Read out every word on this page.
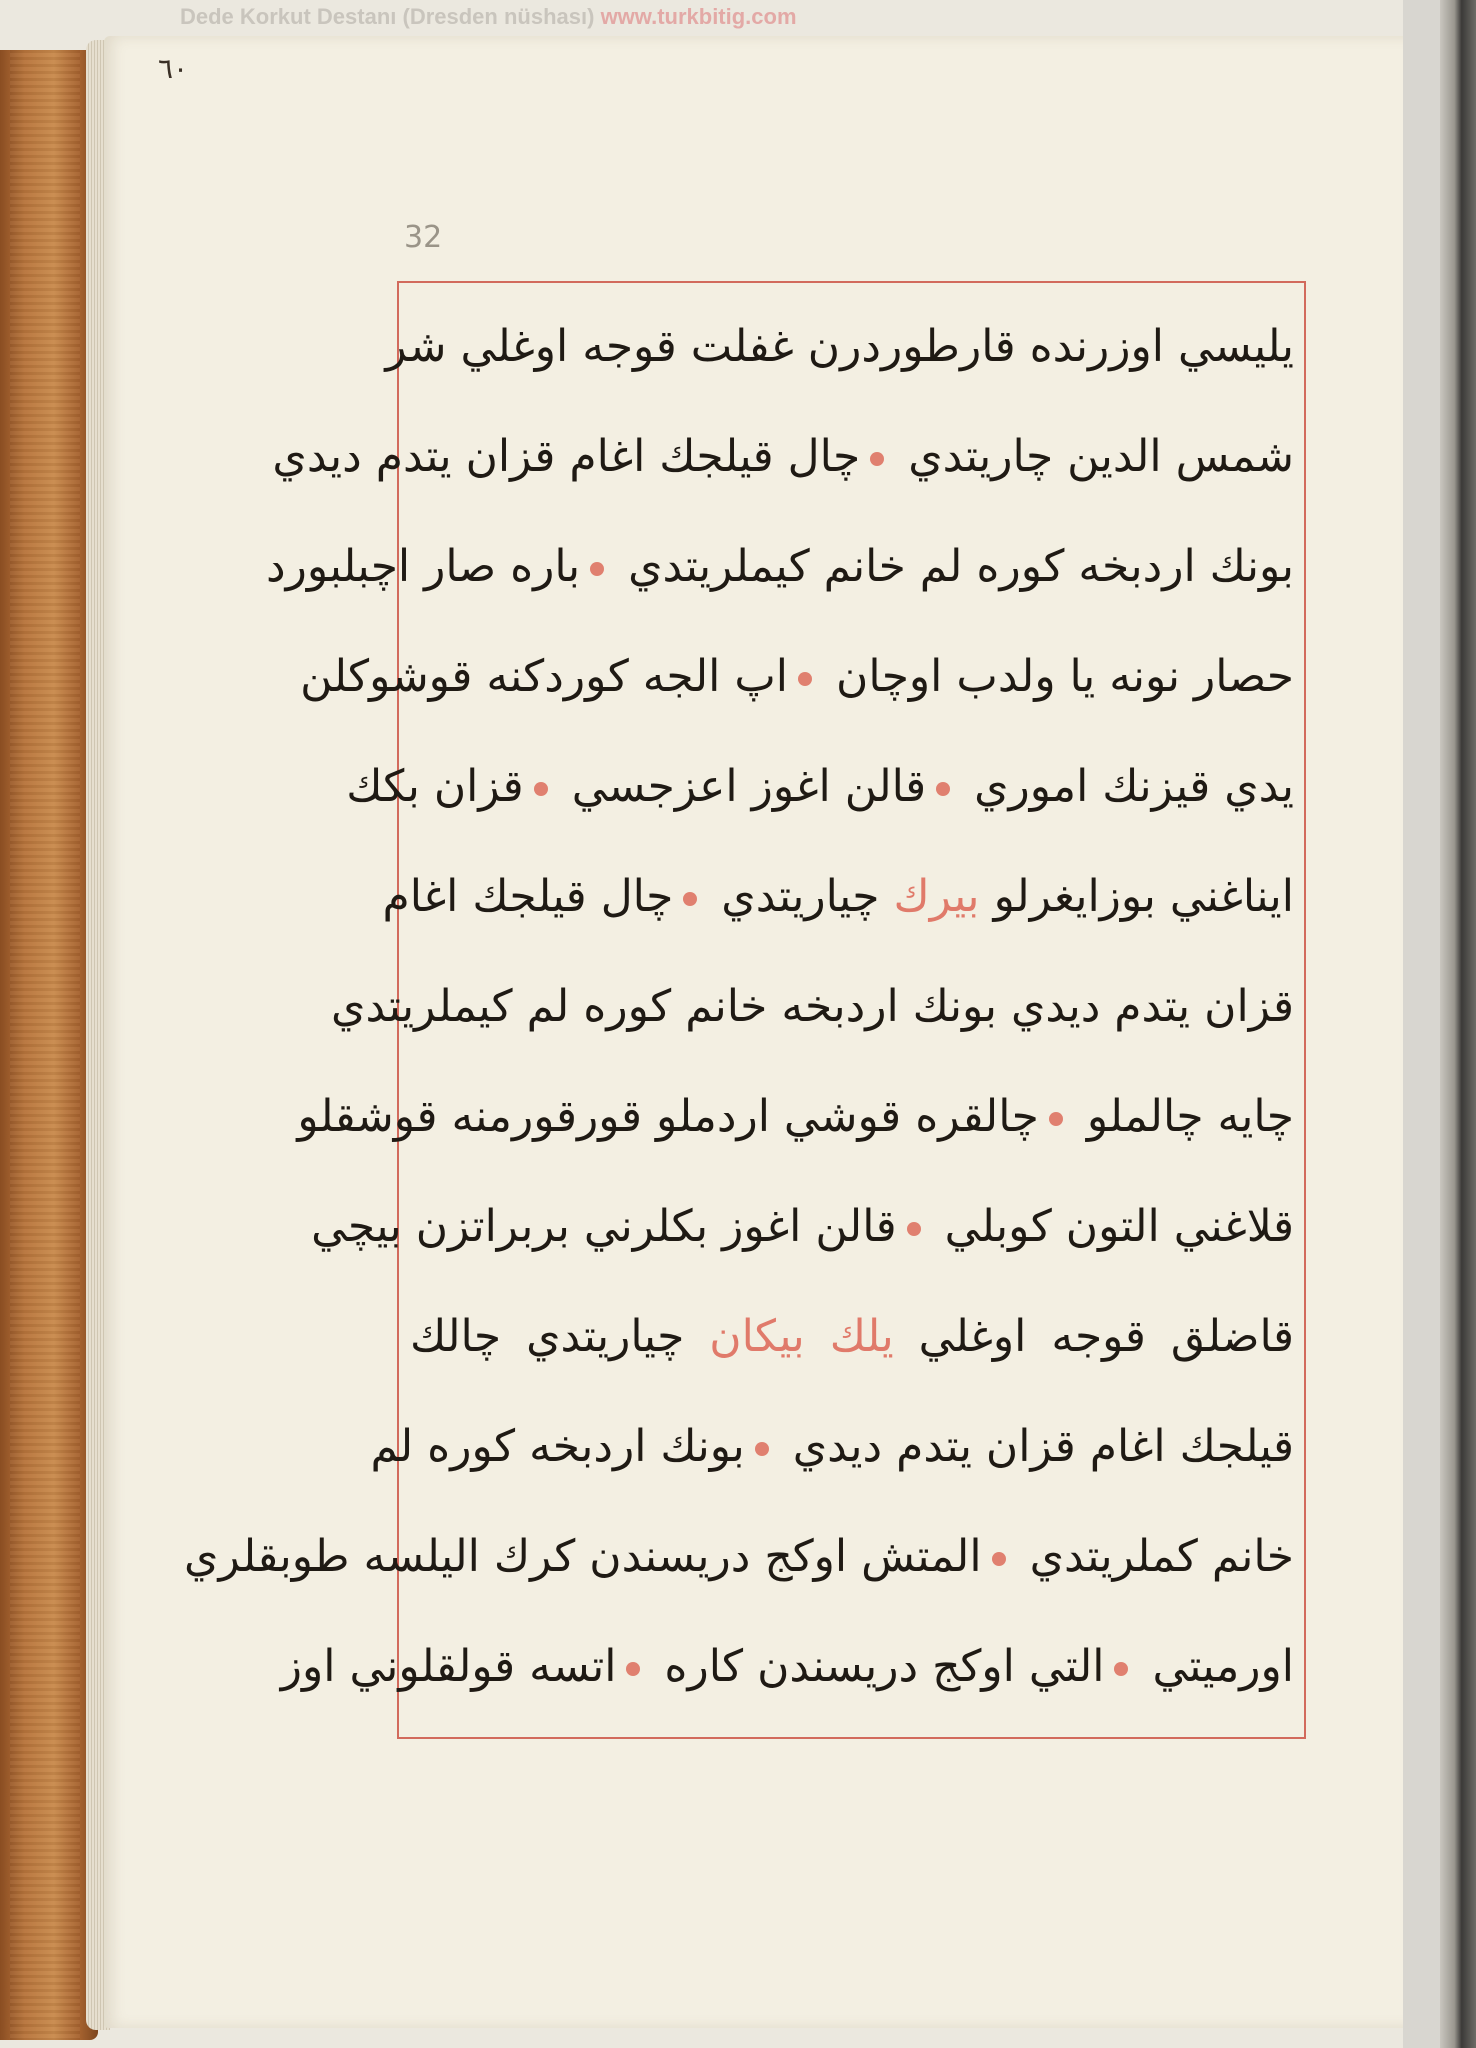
Dede Korkut Destanı (Dresden nüshası) www.turkbitig.com
٦٠
32
يليسي اوزرنده قارطوردرن غفلت قوجه اوغلي شر
شمس الدين چاريتدي چال قيلجك اغام قزان يتدم ديدي
بونك اردبخه كوره لم خانم كيملريتدي باره صار اچبلبورد
حصار نونه يا ولدب اوچان اپ الجه كوردكنه قوشوكلن
يدي قيزنك اموري قالن اغوز اعزجسي قزان بكك
ايناغني بوزايغرلو بيرك چياريتدي چال قيلجك اغام
قزان يتدم ديدي بونك اردبخه خانم كوره لم كيملريتدي
چايه چالملو چالقره قوشي اردملو قورقورمنه قوشقلو
قلاغني التون كوبلي قالن اغوز بكلرني بربراتزن بيچي
قاضلق قوجه اوغلي يلك بيكان چياريتدي چالك
قيلجك اغام قزان يتدم ديدي بونك اردبخه كوره لم
خانم كملريتدي المتش اوكج دريسندن كرك اليلسه طوبقلري
اورميتي التي اوكج دريسندن كاره اتسه قولقلوني اوز
